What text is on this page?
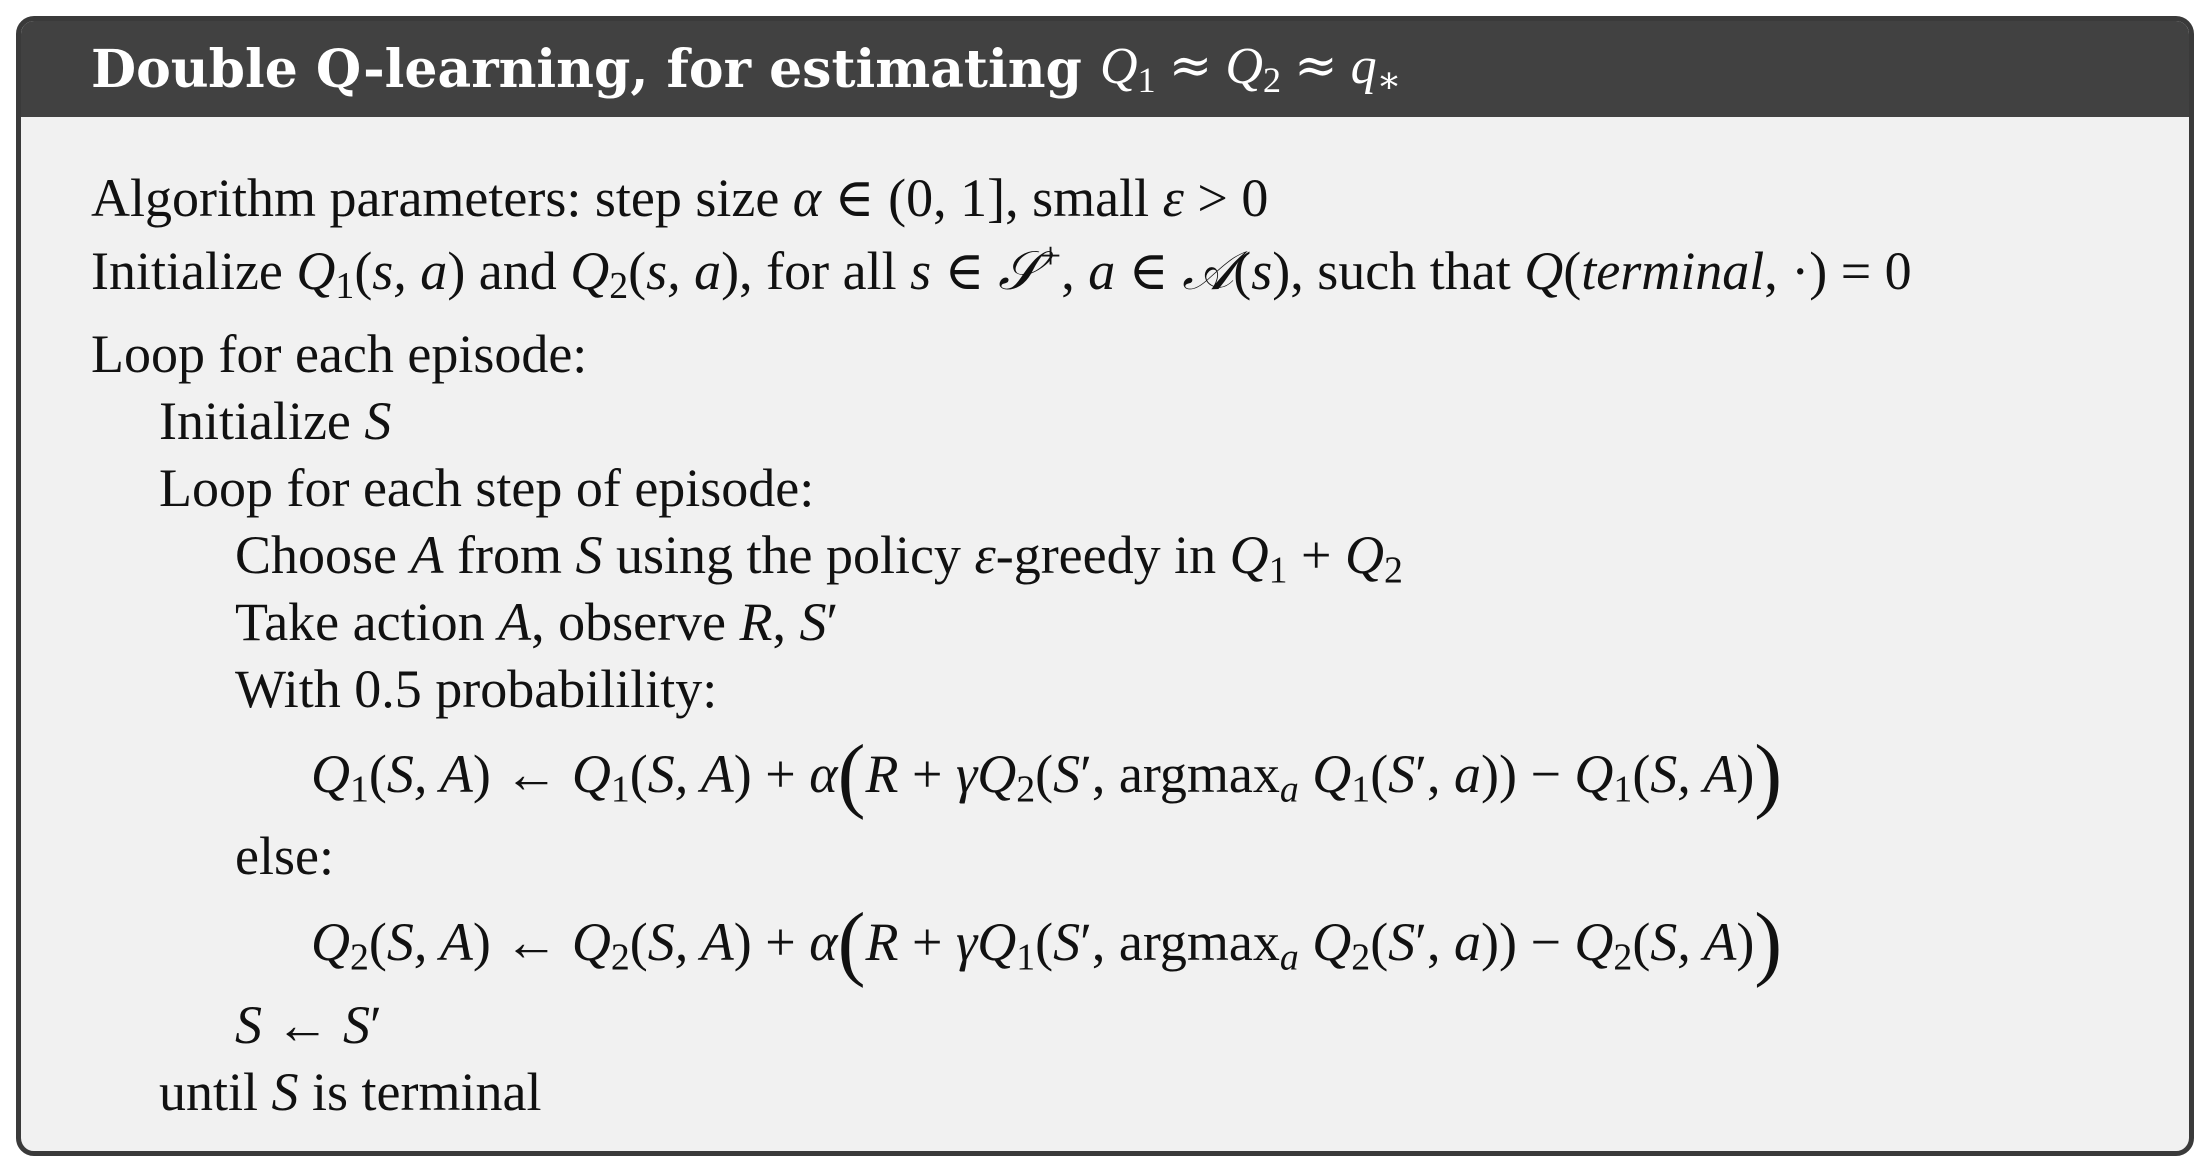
Double Q-learning, for estimating
$Q_1 \approx Q_2 \approx q_∗$
Algorithm parameters: step size α ∈ (0, 1], small ε > 0
Initialize $Q_1(s$, a) and $Q_2(s$, a), for all s ∈ 𝒮+, a ∈ 𝒜(s), such that Q(terminal, ·) = 0
Loop for each episode:
Initialize S
Loop for each step of episode:
Choose A from S using the policy ε-greedy in $Q_1 + Q_2$
Take action A, observe R, S′
With 0.5 probabilility:
$Q_1(S$, A) ← $Q_1(S$, $A) + \alpha(R + \gamma Q_2(S'$, argmax$_a$ $Q_1(S'$, $a)) - Q_1(S$, A))
else:
$Q_2(S$, A) ← $Q_2(S$, $A) + \alpha(R + \gamma Q_1(S'$, argmax$_a$ $Q_2(S'$, $a)) - Q_2(S$, A))
S ← S′
until S is terminal
